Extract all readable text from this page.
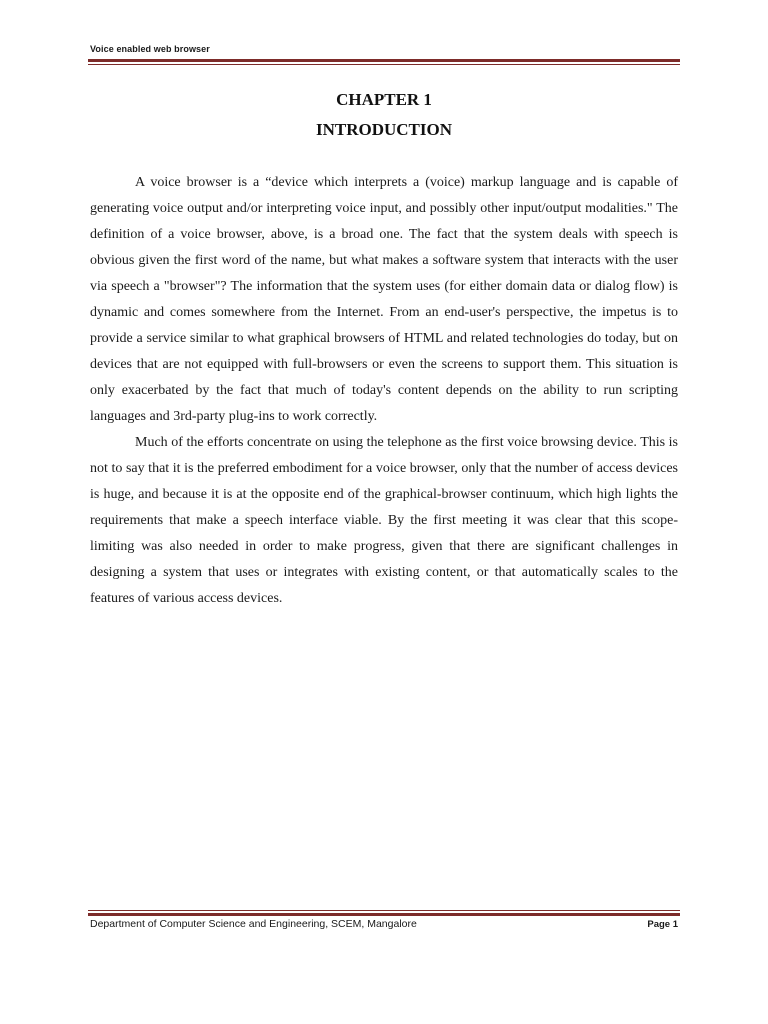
Voice enabled web browser
CHAPTER 1
INTRODUCTION

A voice browser is a “device which interprets a (voice) markup language and is capable of generating voice output and/or interpreting voice input, and possibly other input/output modalities." The definition of a voice browser, above, is a broad one. The fact that the system deals with speech is obvious given the first word of the name, but what makes a software system that interacts with the user via speech a "browser"? The information that the system uses (for either domain data or dialog flow) is dynamic and comes somewhere from the Internet. From an end-user's perspective, the impetus is to provide a service similar to what graphical browsers of HTML and related technologies do today, but on devices that are not equipped with full-browsers or even the screens to support them. This situation is only exacerbated by the fact that much of today's content depends on the ability to run scripting languages and 3rd-party plug-ins to work correctly.

Much of the efforts concentrate on using the telephone as the first voice browsing device. This is not to say that it is the preferred embodiment for a voice browser, only that the number of access devices is huge, and because it is at the opposite end of the graphical-browser continuum, which high lights the requirements that make a speech interface viable. By the first meeting it was clear that this scope-limiting was also needed in order to make progress, given that there are significant challenges in designing a system that uses or integrates with existing content, or that automatically scales to the features of various access devices.

Department of Computer Science and Engineering, SCEM, Mangalore	Page 1
